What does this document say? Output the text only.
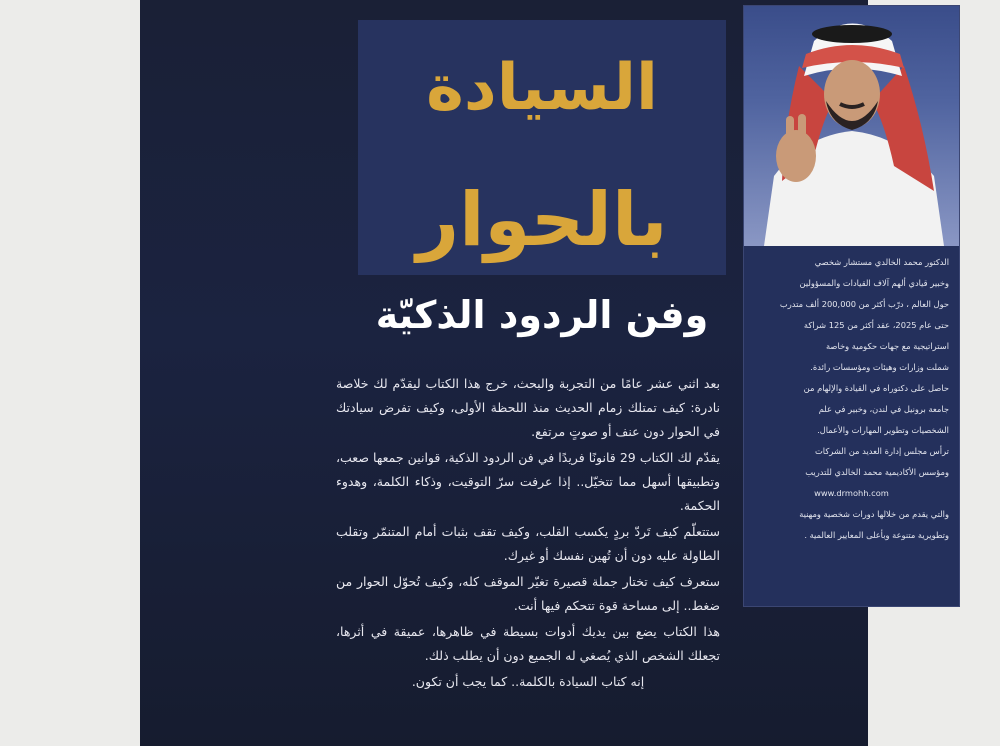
السيادة
بالحوار
وفن الردود الذكيّة

بعد اثني عشر عامًا من التجربة والبحث، خرج هذا الكتاب ليقدّم لك خلاصة نادرة: كيف تمتلك زمام الحديث منذ اللحظة الأولى، وكيف تفرض سيادتك في الحوار دون عنف أو صوتٍ مرتفع.

يقدّم لك الكتاب 29 قانونًا فريدًا في فن الردود الذكية، قوانين جمعها صعب، وتطبيقها أسهل مما تتخيّل.. إذا عرفت سرّ التوقيت، وذكاء الكلمة، وهدوء الحكمة.

ستتعلّم كيف تَردّ بردٍ يكسب القلب، وكيف تقف بثبات أمام المتنمّر وتقلب الطاولة عليه دون أن تُهين نفسك أو غيرك.

ستعرف كيف تختار جملة قصيرة تغيّر الموقف كله، وكيف تُحوّل الحوار من ضغط.. إلى مساحة قوة تتحكم فيها أنت.

هذا الكتاب يضع بين يديك أدوات بسيطة في ظاهرها، عميقة في أثرها، تجعلك الشخص الذي يُصغي له الجميع دون أن يطلب ذلك.

إنه كتاب السيادة بالكلمة.. كما يجب أن تكون.

الدكتور محمد الخالدي مستشار شخصي
وخبير قيادي ألهم آلاف القيادات والمسؤولين
حول العالم ، درّب أكثر من 200,000 ألف متدرب
حتى عام 2025، عقد أكثر من 125 شراكة
استراتيجية مع جهات حكومية وخاصة
شملت وزارات وهيئات ومؤسسات رائدة.
حاصل على دكتوراه في القيادة والإلهام من
جامعة برونيل في لندن، وخبير في علم
الشخصيات وتطوير المهارات والأعمال.
ترأس مجلس إدارة العديد من الشركات
ومؤسس الأكاديمية محمد الخالدي للتدريب
www.drmohh.com
والتي يقدم من خلالها دورات شخصية ومهنية
وتطويرية متنوعة وبأعلى المعايير العالمية .
